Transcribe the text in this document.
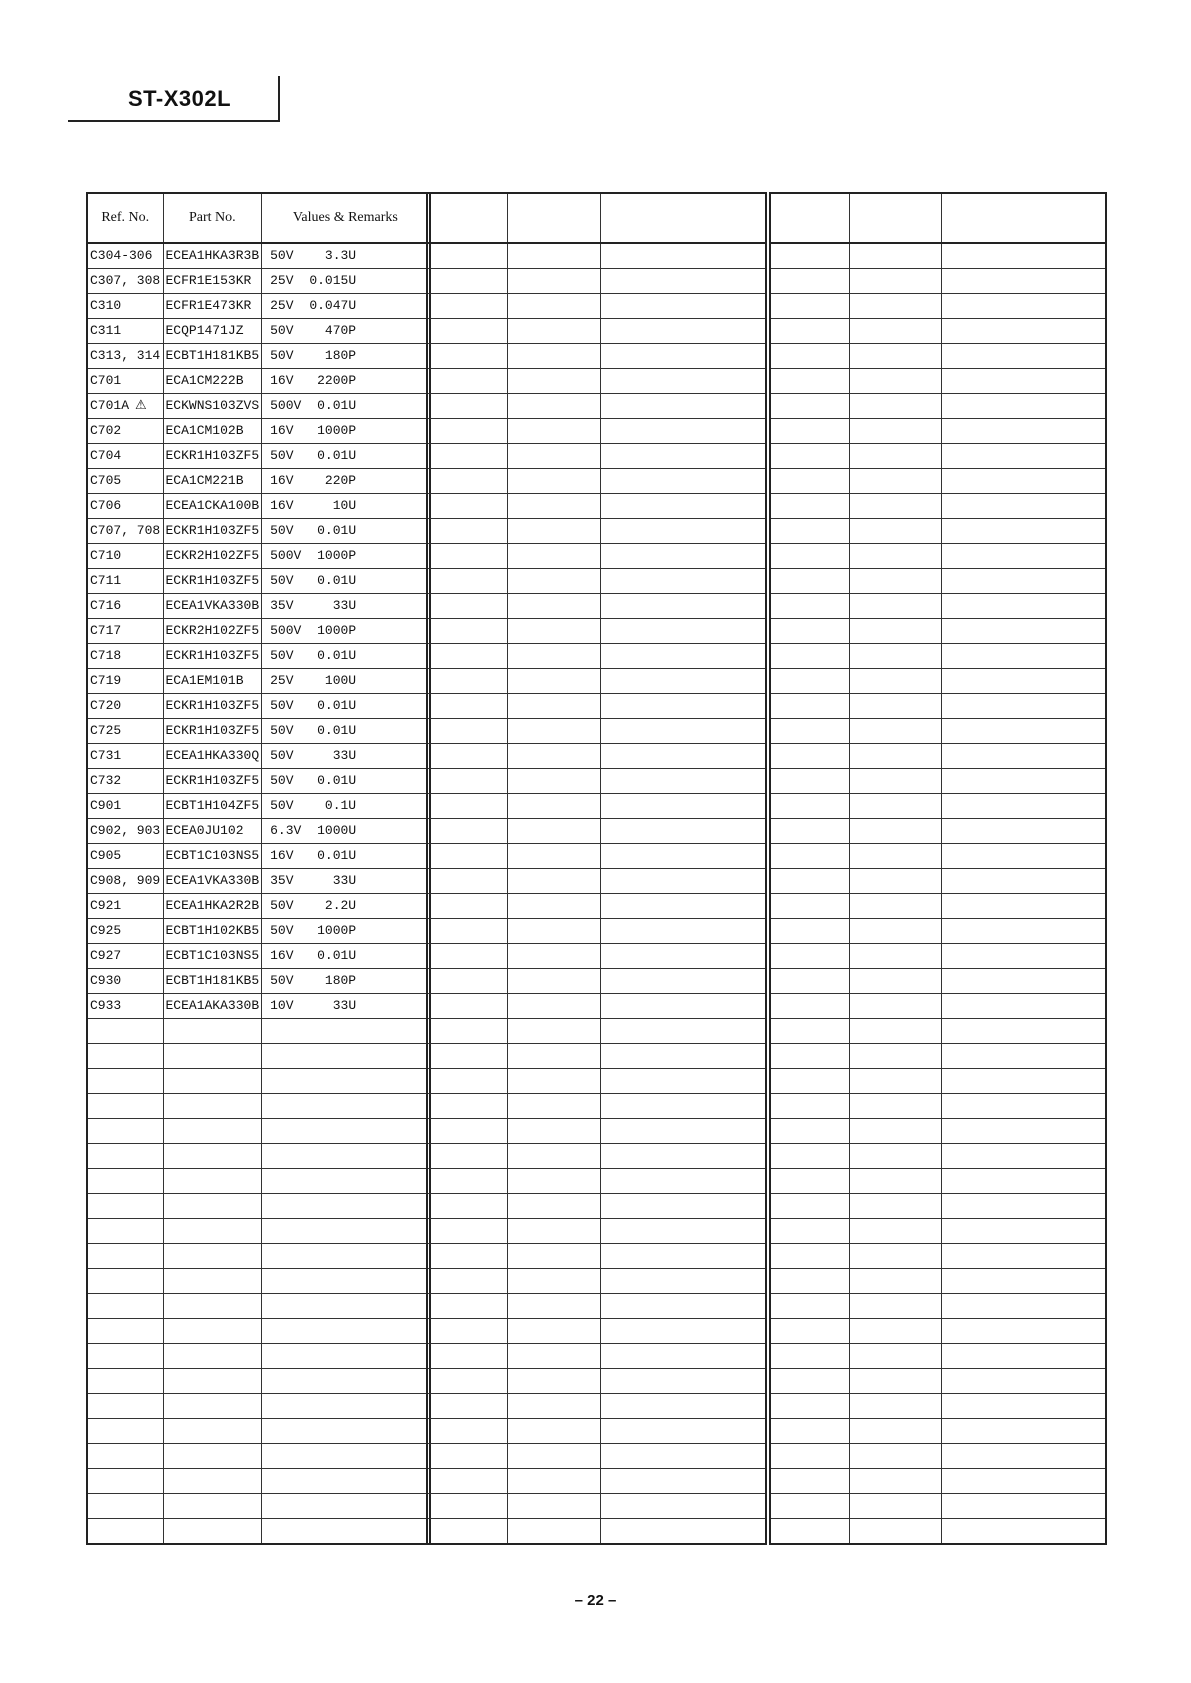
ST-X302L
Ref. No.	Part No.	Values & Remarks
C304-306	ECEA1HKA3R3B	50V 3.3U
C307, 308	ECFR1E153KR	25V 0.015U
C310	ECFR1E473KR	25V 0.047U
C311	ECQP1471JZ	50V 470P
C313, 314	ECBT1H181KB5	50V 180P
C701	ECA1CM222B	16V 2200P
C701A ⚠	ECKWNS103ZVS	500V 0.01U
C702	ECA1CM102B	16V 1000P
C704	ECKR1H103ZF5	50V 0.01U
C705	ECA1CM221B	16V 220P
C706	ECEA1CKA100B	16V 10U
C707, 708	ECKR1H103ZF5	50V 0.01U
C710	ECKR2H102ZF5	500V 1000P
C711	ECKR1H103ZF5	50V 0.01U
C716	ECEA1VKA330B	35V 33U
C717	ECKR2H102ZF5	500V 1000P
C718	ECKR1H103ZF5	50V 0.01U
C719	ECA1EM101B	25V 100U
C720	ECKR1H103ZF5	50V 0.01U
C725	ECKR1H103ZF5	50V 0.01U
C731	ECEA1HKA330Q	50V 33U
C732	ECKR1H103ZF5	50V 0.01U
C901	ECBT1H104ZF5	50V 0.1U
C902, 903	ECEA0JU102	6.3V 1000U
C905	ECBT1C103NS5	16V 0.01U
C908, 909	ECEA1VKA330B	35V 33U
C921	ECEA1HKA2R2B	50V 2.2U
C925	ECBT1H102KB5	50V 1000P
C927	ECBT1C103NS5	16V 0.01U
C930	ECBT1H181KB5	50V 180P
C933	ECEA1AKA330B	10V 33U

– 22 –
